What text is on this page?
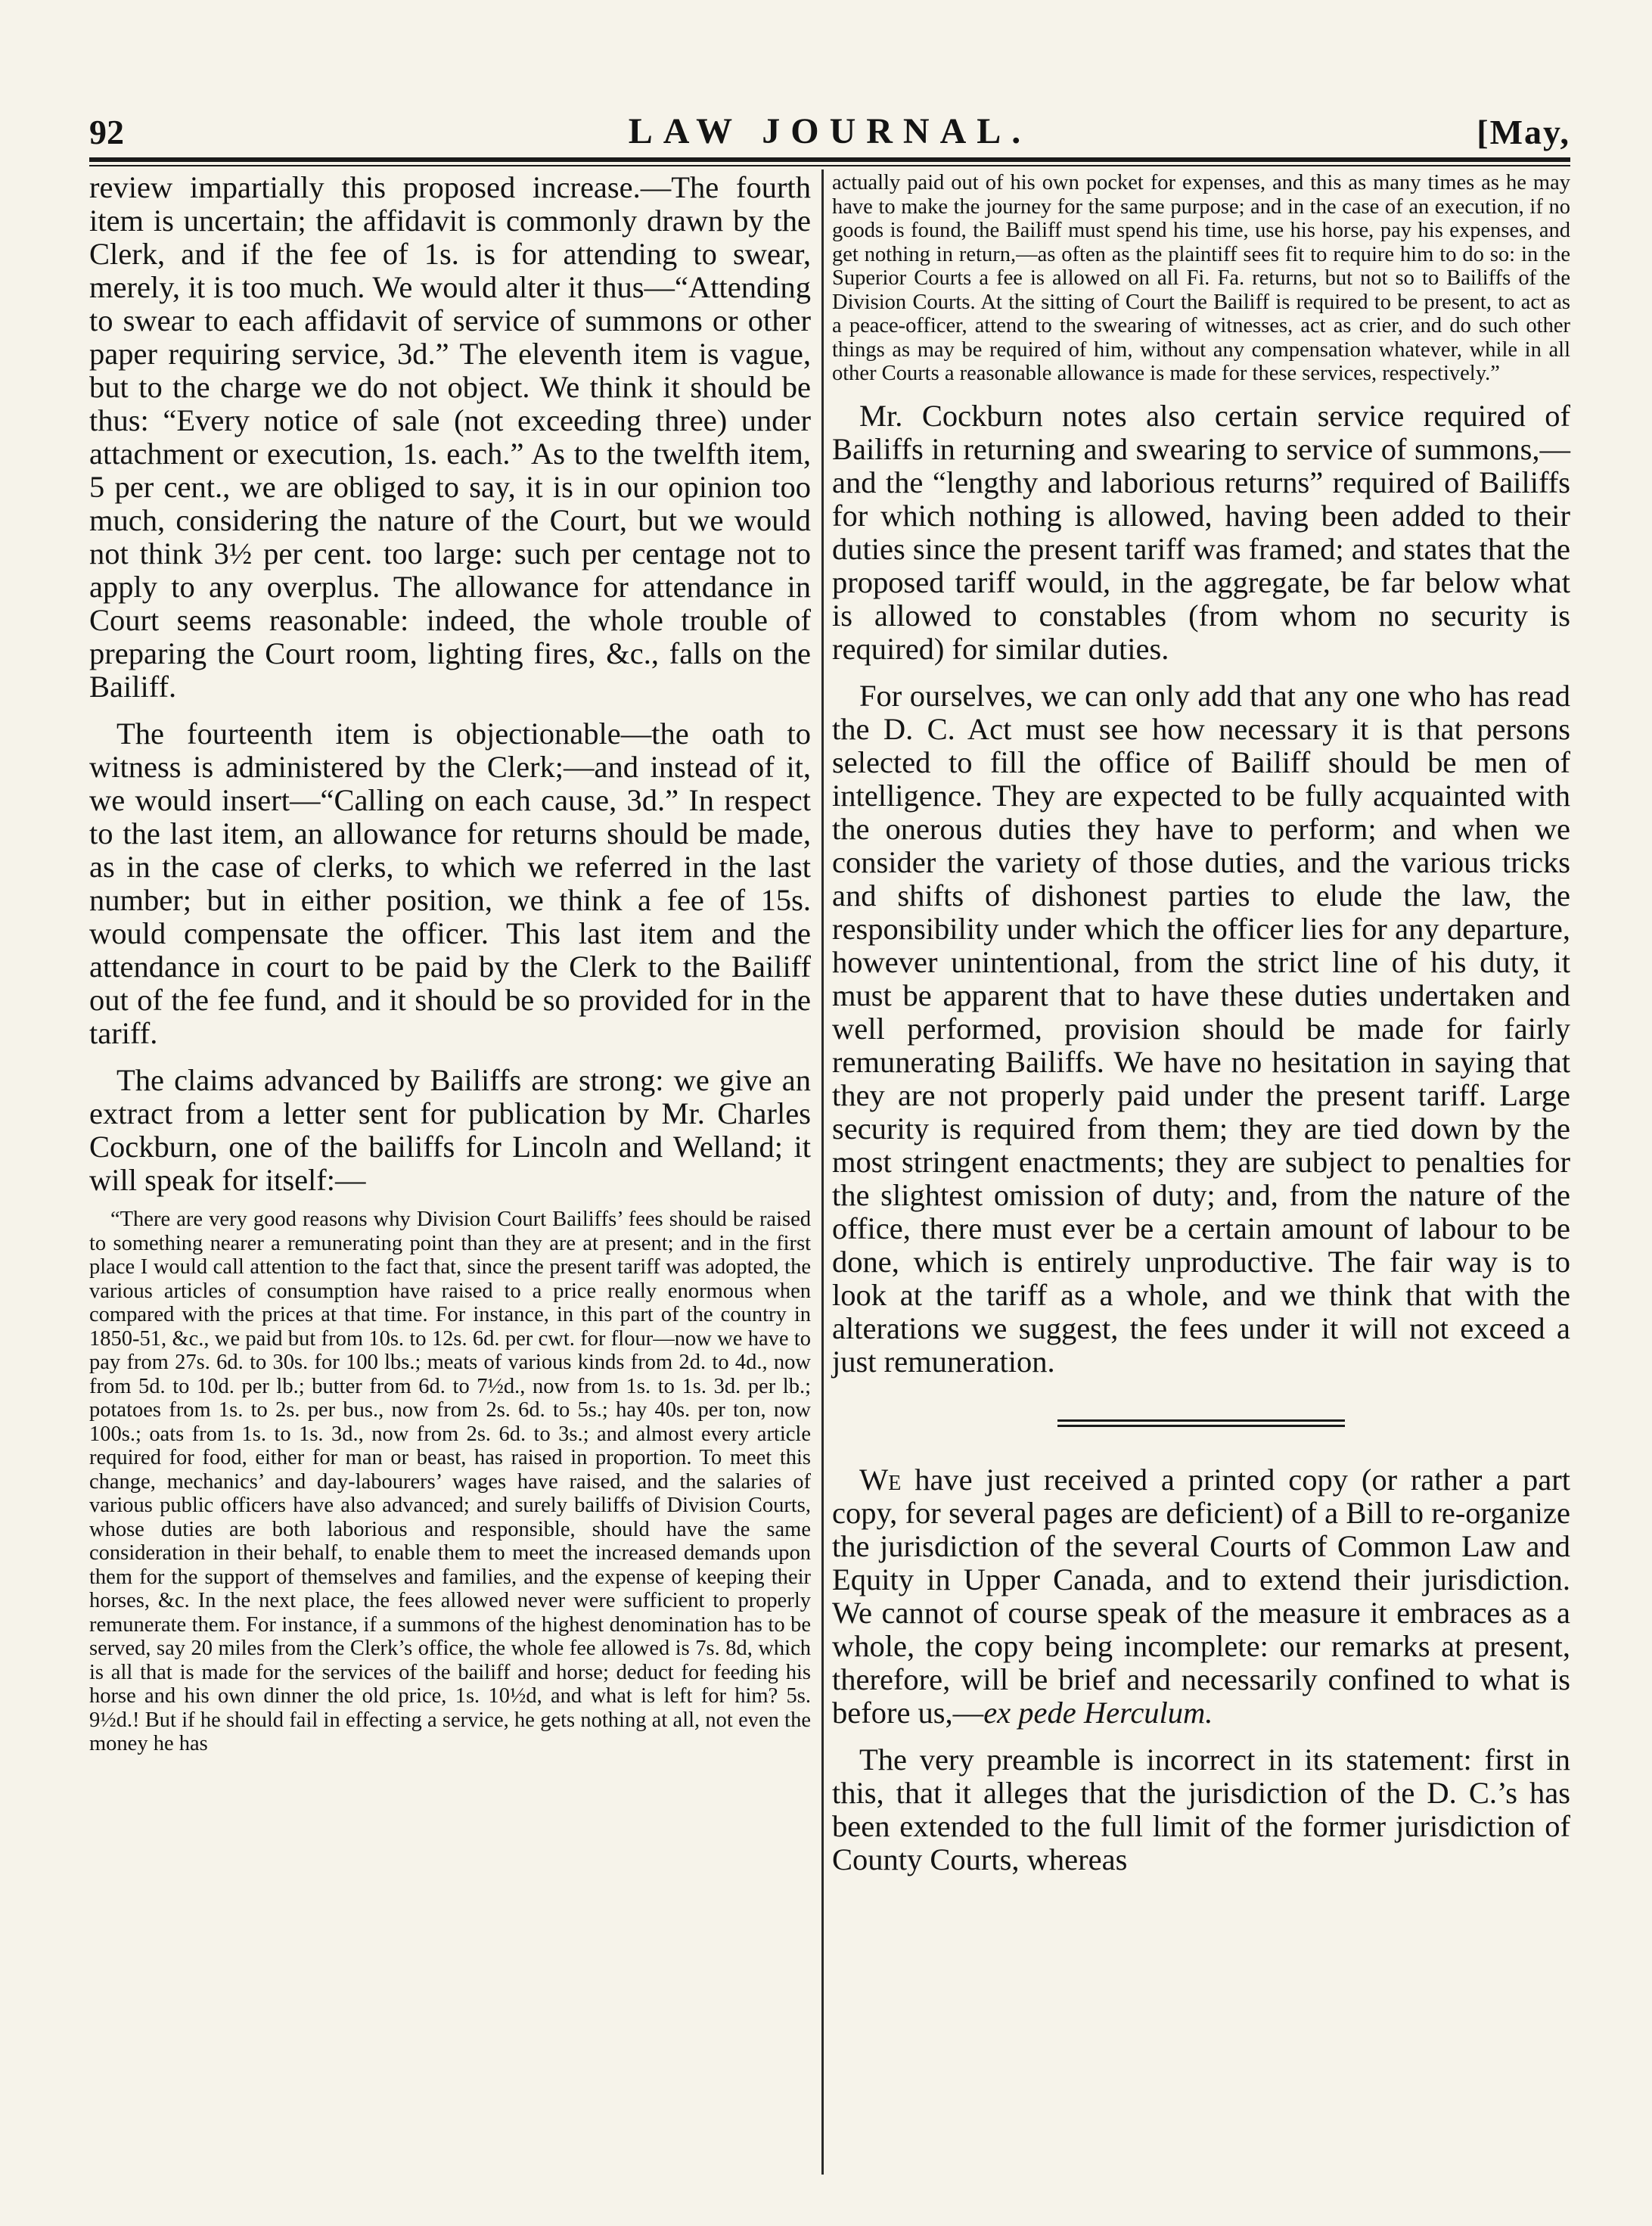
92	LAW JOURNAL.	[May,

review impartially this proposed increase.—The fourth item is uncertain; the affidavit is commonly drawn by the Clerk, and if the fee of 1s. is for attending to swear, merely, it is too much. We would alter it thus—“Attending to swear to each affidavit of service of summons or other paper requiring service, 3d.” The eleventh item is vague, but to the charge we do not object. We think it should be thus: “Every notice of sale (not exceeding three) under attachment or execution, 1s. each.” As to the twelfth item, 5 per cent., we are obliged to say, it is in our opinion too much, considering the nature of the Court, but we would not think 3½ per cent. too large: such per centage not to apply to any overplus. The allowance for attendance in Court seems reasonable: indeed, the whole trouble of preparing the Court room, lighting fires, &c., falls on the Bailiff.

The fourteenth item is objectionable—the oath to witness is administered by the Clerk;—and instead of it, we would insert—“Calling on each cause, 3d.” In respect to the last item, an allowance for returns should be made, as in the case of clerks, to which we referred in the last number; but in either position, we think a fee of 15s. would compensate the officer. This last item and the attendance in court to be paid by the Clerk to the Bailiff out of the fee fund, and it should be so provided for in the tariff.

The claims advanced by Bailiffs are strong: we give an extract from a letter sent for publication by Mr. Charles Cockburn, one of the bailiffs for Lincoln and Welland; it will speak for itself:—

“There are very good reasons why Division Court Bailiffs’ fees should be raised to something nearer a remunerating point than they are at present; and in the first place I would call attention to the fact that, since the present tariff was adopted, the various articles of consumption have raised to a price really enormous when compared with the prices at that time. For instance, in this part of the country in 1850-51, &c., we paid but from 10s. to 12s. 6d. per cwt. for flour—now we have to pay from 27s. 6d. to 30s. for 100 lbs.; meats of various kinds from 2d. to 4d., now from 5d. to 10d. per lb.; butter from 6d. to 7½d., now from 1s. to 1s. 3d. per lb.; potatoes from 1s. to 2s. per bus., now from 2s. 6d. to 5s.; hay 40s. per ton, now 100s.; oats from 1s. to 1s. 3d., now from 2s. 6d. to 3s.; and almost every article required for food, either for man or beast, has raised in proportion. To meet this change, mechanics’ and day-labourers’ wages have raised, and the salaries of various public officers have also advanced; and surely bailiffs of Division Courts, whose duties are both laborious and responsible, should have the same consideration in their behalf, to enable them to meet the increased demands upon them for the support of themselves and families, and the expense of keeping their horses, &c. In the next place, the fees allowed never were sufficient to properly remunerate them. For instance, if a summons of the highest denomination has to be served, say 20 miles from the Clerk’s office, the whole fee allowed is 7s. 8d, which is all that is made for the services of the bailiff and horse; deduct for feeding his horse and his own dinner the old price, 1s. 10½d, and what is left for him? 5s. 9½d.! But if he should fail in effecting a service, he gets nothing at all, not even the money he has

actually paid out of his own pocket for expenses, and this as many times as he may have to make the journey for the same purpose; and in the case of an execution, if no goods is found, the Bailiff must spend his time, use his horse, pay his expenses, and get nothing in return,—as often as the plaintiff sees fit to require him to do so: in the Superior Courts a fee is allowed on all Fi. Fa. returns, but not so to Bailiffs of the Division Courts. At the sitting of Court the Bailiff is required to be present, to act as a peace-officer, attend to the swearing of witnesses, act as crier, and do such other things as may be required of him, without any compensation whatever, while in all other Courts a reasonable allowance is made for these services, respectively.”

Mr. Cockburn notes also certain service required of Bailiffs in returning and swearing to service of summons,—and the “lengthy and laborious returns” required of Bailiffs for which nothing is allowed, having been added to their duties since the present tariff was framed; and states that the proposed tariff would, in the aggregate, be far below what is allowed to constables (from whom no security is required) for similar duties.

For ourselves, we can only add that any one who has read the D. C. Act must see how necessary it is that persons selected to fill the office of Bailiff should be men of intelligence. They are expected to be fully acquainted with the onerous duties they have to perform; and when we consider the variety of those duties, and the various tricks and shifts of dishonest parties to elude the law, the responsibility under which the officer lies for any departure, however unintentional, from the strict line of his duty, it must be apparent that to have these duties undertaken and well performed, provision should be made for fairly remunerating Bailiffs. We have no hesitation in saying that they are not properly paid under the present tariff. Large security is required from them; they are tied down by the most stringent enactments; they are subject to penalties for the slightest omission of duty; and, from the nature of the office, there must ever be a certain amount of labour to be done, which is entirely unproductive. The fair way is to look at the tariff as a whole, and we think that with the alterations we suggest, the fees under it will not exceed a just remuneration.

We have just received a printed copy (or rather a part copy, for several pages are deficient) of a Bill to re-organize the jurisdiction of the several Courts of Common Law and Equity in Upper Canada, and to extend their jurisdiction. We cannot of course speak of the measure it embraces as a whole, the copy being incomplete: our remarks at present, therefore, will be brief and necessarily confined to what is before us,—ex pede Herculum.

The very preamble is incorrect in its statement: first in this, that it alleges that the jurisdiction of the D. C.’s has been extended to the full limit of the former jurisdiction of County Courts, whereas
